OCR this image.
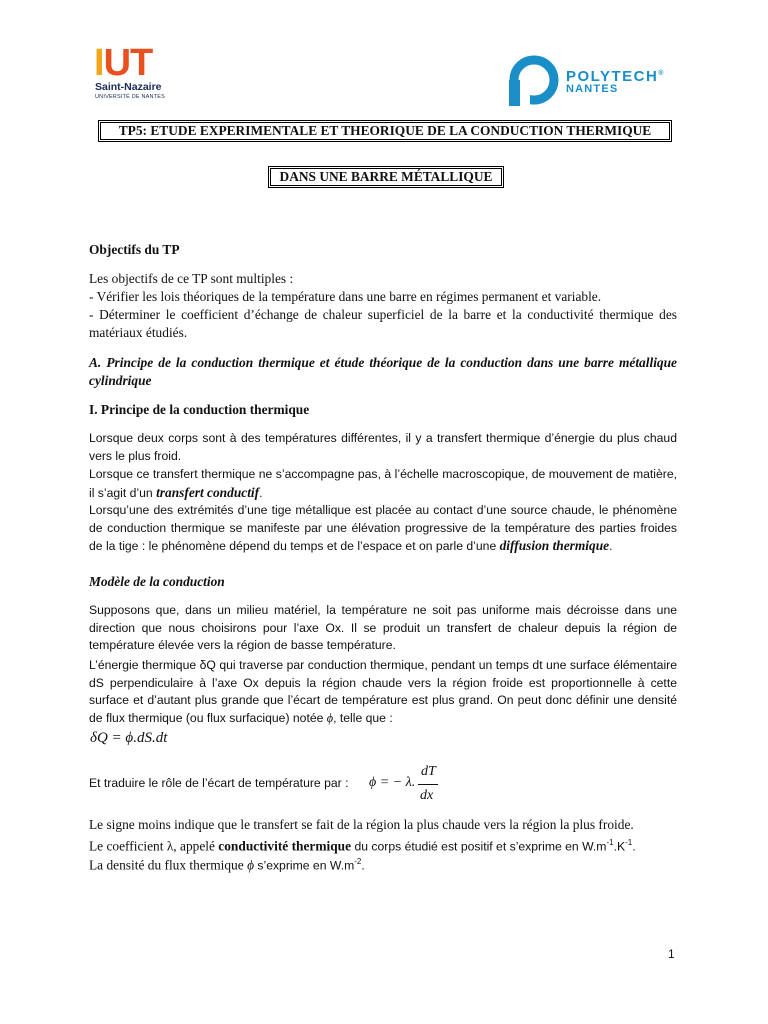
IUT
Saint-Nazaire
UNIVERSITÉ DE NANTES
POLYTECH®
NANTES
TP5: ETUDE EXPERIMENTALE ET THEORIQUE DE LA CONDUCTION THERMIQUE
DANS UNE BARRE MÉTALLIQUE
Objectifs du TP
Les objectifs de ce TP sont multiples :
- Vérifier les lois théoriques de la température dans une barre en régimes permanent et variable.
- Déterminer le coefficient d’échange de chaleur superficiel de la barre et la conductivité thermique des matériaux étudiés.
A. Principe de la conduction thermique et étude théorique de la conduction dans une barre métallique cylindrique
I. Principe de la conduction thermique
Lorsque deux corps sont à des températures différentes, il y a transfert thermique d’énergie du plus chaud vers le plus froid.
Lorsque ce transfert thermique ne s’accompagne pas, à l’échelle macroscopique, de mouvement de matière, il s’agit d’un transfert conductif.
Lorsqu’une des extrémités d’une tige métallique est placée au contact d’une source chaude, le phénomène de conduction thermique se manifeste par une élévation progressive de la température des parties froides de la tige : le phénomène dépend du temps et de l’espace et on parle d’une diffusion thermique.
Modèle de la conduction
Supposons que, dans un milieu matériel, la température ne soit pas uniforme mais décroisse dans une direction que nous choisirons pour l’axe Ox. Il se produit un transfert de chaleur depuis la région de température élevée vers la région de basse température.
L’énergie thermique δQ qui traverse par conduction thermique, pendant un temps dt une surface élémentaire dS perpendiculaire à l’axe Ox depuis la région chaude vers la région froide est proportionnelle à cette surface et d’autant plus grande que l’écart de température est plus grand. On peut donc définir une densité de flux thermique (ou flux surfacique) notée ϕ, telle que :
δQ = ϕ.dS.dt
Et traduire le rôle de l’écart de température par : ϕ = − λ.
dT
dx
Le signe moins indique que le transfert se fait de la région la plus chaude vers la région la plus froide.
Le coefficient λ, appelé conductivité thermique du corps étudié est positif et s’exprime en $W.m^{-1}.K^{-1}$.
La densité du flux thermique ϕ s’exprime en $W.m^{-2}$.
1
